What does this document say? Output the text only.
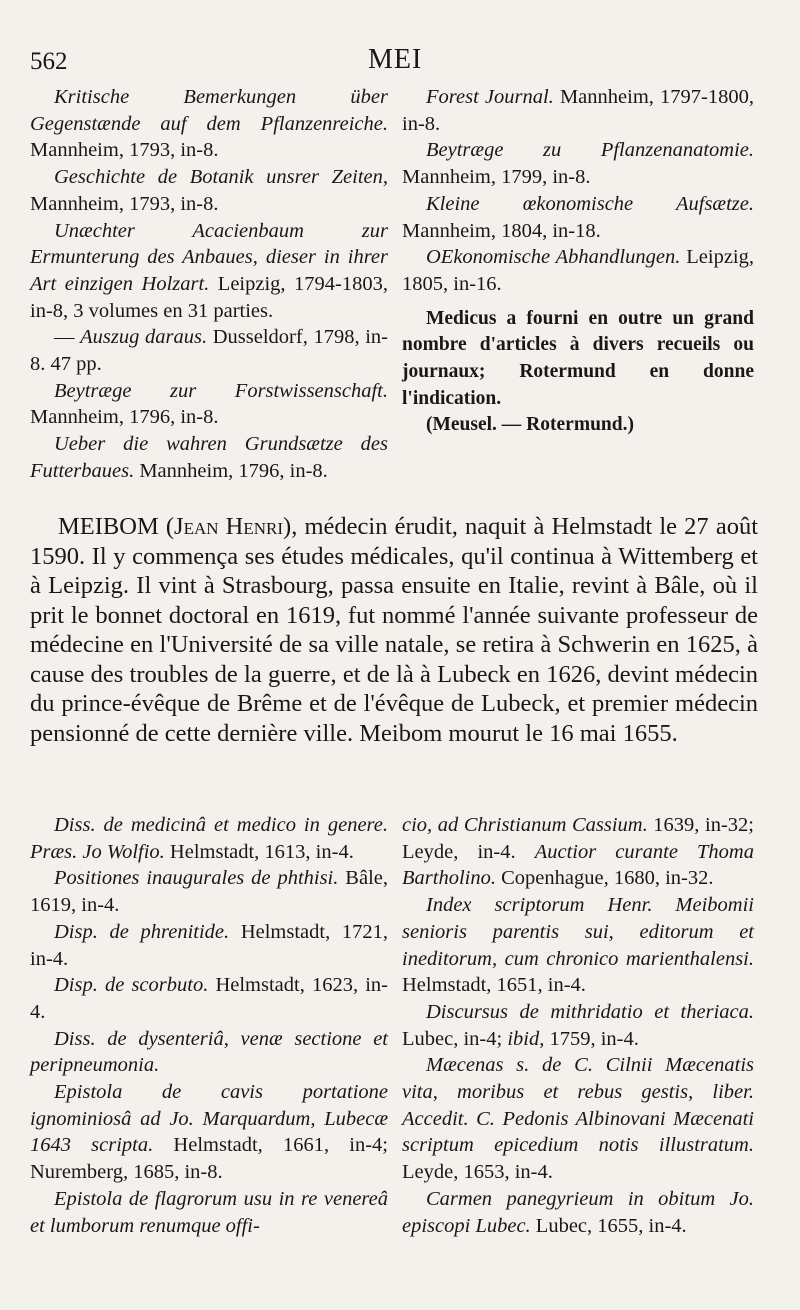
562	MEI

Kritische Bemerkungen über Gegenstænde auf dem Pflanzenreiche. Mannheim, 1793, in-8.

Geschichte de Botanik unsrer Zeiten, Mannheim, 1793, in-8.

Unæchter Acacienbaum zur Ermunterung des Anbaues, dieser in ihrer Art einzigen Holzart. Leipzig, 1794-1803, in-8, 3 volumes en 31 parties.

— Auszug daraus. Dusseldorf, 1798, in-8. 47 pp.

Beytræge zur Forstwissenschaft. Mannheim, 1796, in-8.

Ueber die wahren Grundsætze des Futterbaues. Mannheim, 1796, in-8.

Forest Journal. Mannheim, 1797-1800, in-8.

Beytræge zu Pflanzenanatomie. Mannheim, 1799, in-8.

Kleine œkonomische Aufsætze. Mannheim, 1804, in-18.

OEkonomische Abhandlungen. Leipzig, 1805, in-16.

Medicus a fourni en outre un grand nombre d'articles à divers recueils ou journaux; Rotermund en donne l'indication.

(Meusel. — Rotermund.)

MEIBOM (Jean Henri), médecin érudit, naquit à Helmstadt le 27 août 1590. Il y commença ses études médicales, qu'il continua à Wittemberg et à Leipzig. Il vint à Strasbourg, passa ensuite en Italie, revint à Bâle, où il prit le bonnet doctoral en 1619, fut nommé l'année suivante professeur de médecine en l'Université de sa ville natale, se retira à Schwerin en 1625, à cause des troubles de la guerre, et de là à Lubeck en 1626, devint médecin du prince-évêque de Brême et de l'évêque de Lubeck, et premier médecin pensionné de cette dernière ville. Meibom mourut le 16 mai 1655.

Diss. de medicinâ et medico in genere. Præs. Jo Wolfio. Helmstadt, 1613, in-4.

Positiones inaugurales de phthisi. Bâle, 1619, in-4.

Disp. de phrenitide. Helmstadt, 1721, in-4.

Disp. de scorbuto. Helmstadt, 1623, in-4.

Diss. de dysenteriâ, venæ sectione et peripneumonia.

Epistola de cavis portatione ignominiosâ ad Jo. Marquardum, Lubecæ 1643 scripta. Helmstadt, 1661, in-4; Nuremberg, 1685, in-8.

Epistola de flagrorum usu in re venereâ et lumborum renumque offi-

cio, ad Christianum Cassium. 1639, in-32; Leyde, in-4. Auctior curante Thoma Bartholino. Copenhague, 1680, in-32.

Index scriptorum Henr. Meibomii senioris parentis sui, editorum et ineditorum, cum chronico marienthalensi. Helmstadt, 1651, in-4.

Discursus de mithridatio et theriaca. Lubec, in-4; ibid, 1759, in-4.

Mæcenas s. de C. Cilnii Mæcenatis vita, moribus et rebus gestis, liber. Accedit. C. Pedonis Albinovani Mæcenati scriptum epicedium notis illustratum. Leyde, 1653, in-4.

Carmen panegyrieum in obitum Jo. episcopi Lubec. Lubec, 1655, in-4.
